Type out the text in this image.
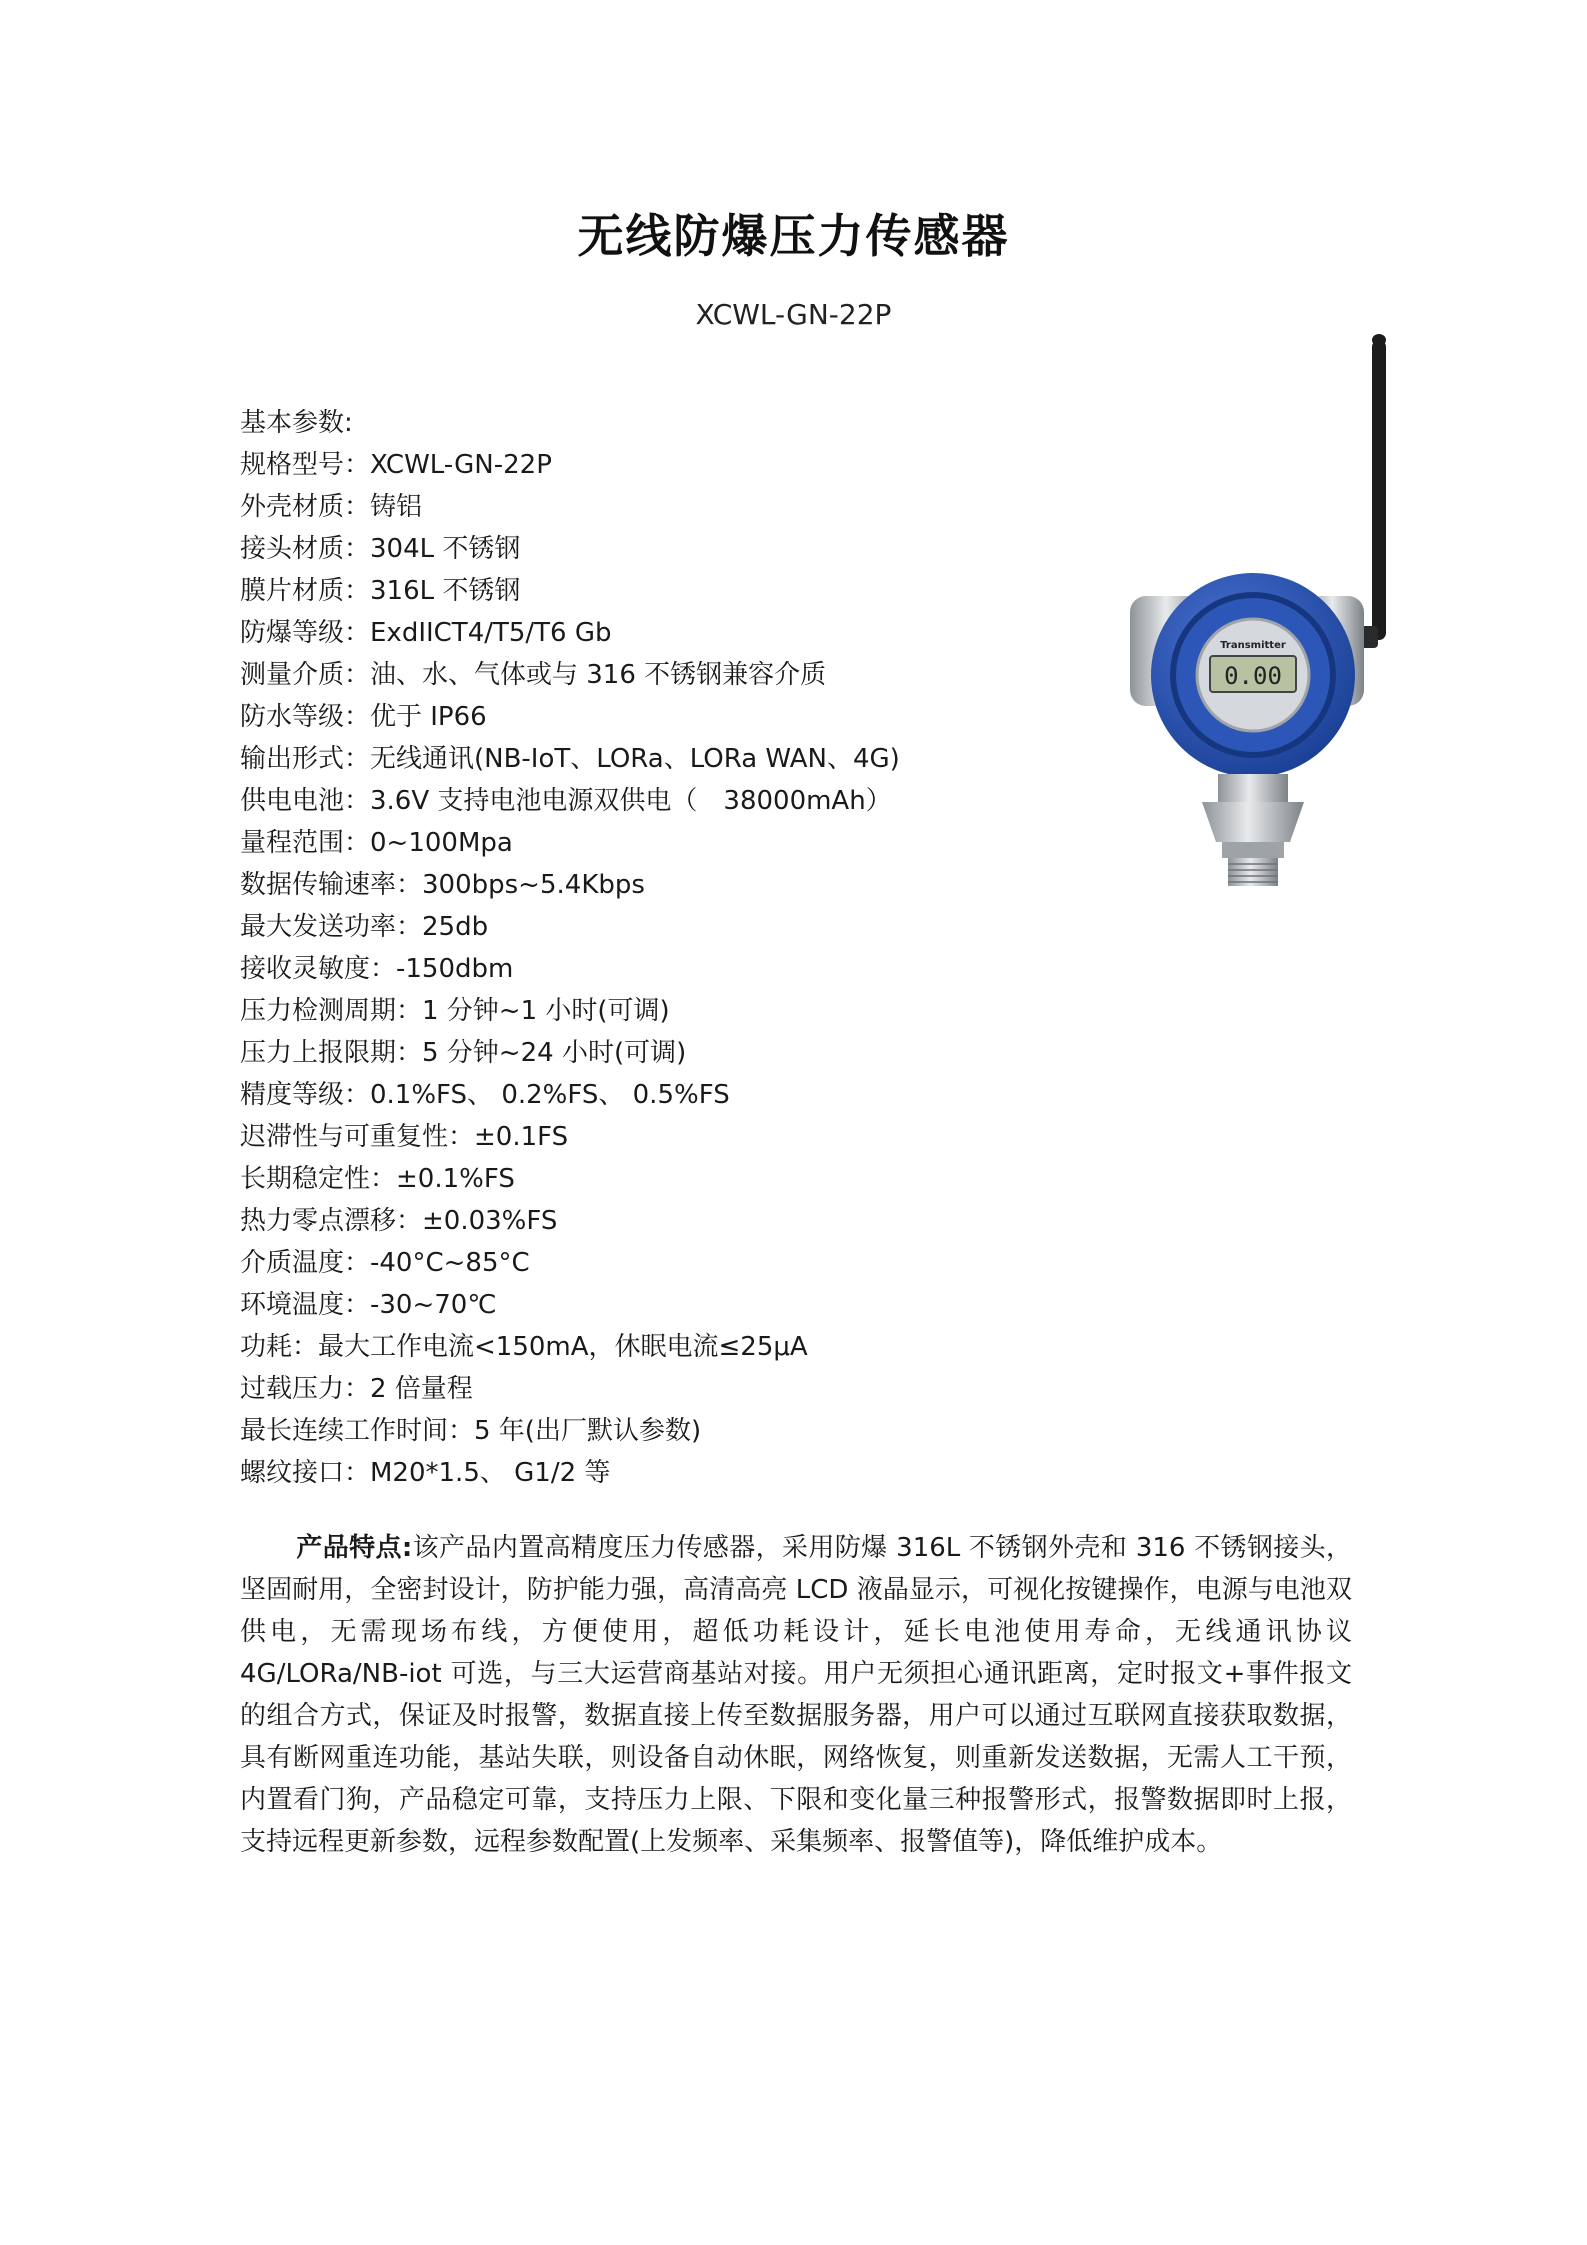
无线防爆压力传感器
XCWL-GN-22P
基本参数:
规格型号：XCWL-GN-22P
外壳材质：铸铝
接头材质：304L 不锈钢
膜片材质：316L 不锈钢
防爆等级：ExdIICT4/T5/T6 Gb
测量介质：油、水、气体或与 316 不锈钢兼容介质
防水等级：优于 IP66
输出形式：无线通讯(NB-IoT、LORa、LORa WAN、4G)
供电电池：3.6V 支持电池电源双供电（　38000mAh）
量程范围：0~100Mpa
数据传输速率：300bps~5.4Kbps
最大发送功率：25db
接收灵敏度：-150dbm
压力检测周期：1 分钟~1 小时(可调)
压力上报限期：5 分钟~24 小时(可调)
精度等级：0.1%FS、 0.2%FS、 0.5%FS
迟滞性与可重复性：±0.1FS
长期稳定性：±0.1%FS
热力零点漂移：±0.03%FS
介质温度：-40°C~85°C
环境温度：-30~70℃
功耗：最大工作电流<150mA，休眠电流≤25μA
过载压力：2 倍量程
最长连续工作时间：5 年(出厂默认参数)
螺纹接口：M20*1.5、 G1/2 等
产品特点:该产品内置高精度压力传感器，采用防爆 316L 不锈钢外壳和 316 不锈钢接头，坚固耐用，全密封设计，防护能力强，高清高亮 LCD 液晶显示，可视化按键操作，电源与电池双供电，无需现场布线，方便使用，超低功耗设计，延长电池使用寿命，无线通讯协议 4G/LORa/NB-iot 可选，与三大运营商基站对接。用户无须担心通讯距离，定时报文+事件报文的组合方式，保证及时报警，数据直接上传至数据服务器，用户可以通过互联网直接获取数据，具有断网重连功能，基站失联，则设备自动休眠，网络恢复，则重新发送数据，无需人工干预，内置看门狗，产品稳定可靠，支持压力上限、下限和变化量三种报警形式，报警数据即时上报，支持远程更新参数，远程参数配置(上发频率、采集频率、报警值等)，降低维护成本。
Transmitter
0.00
